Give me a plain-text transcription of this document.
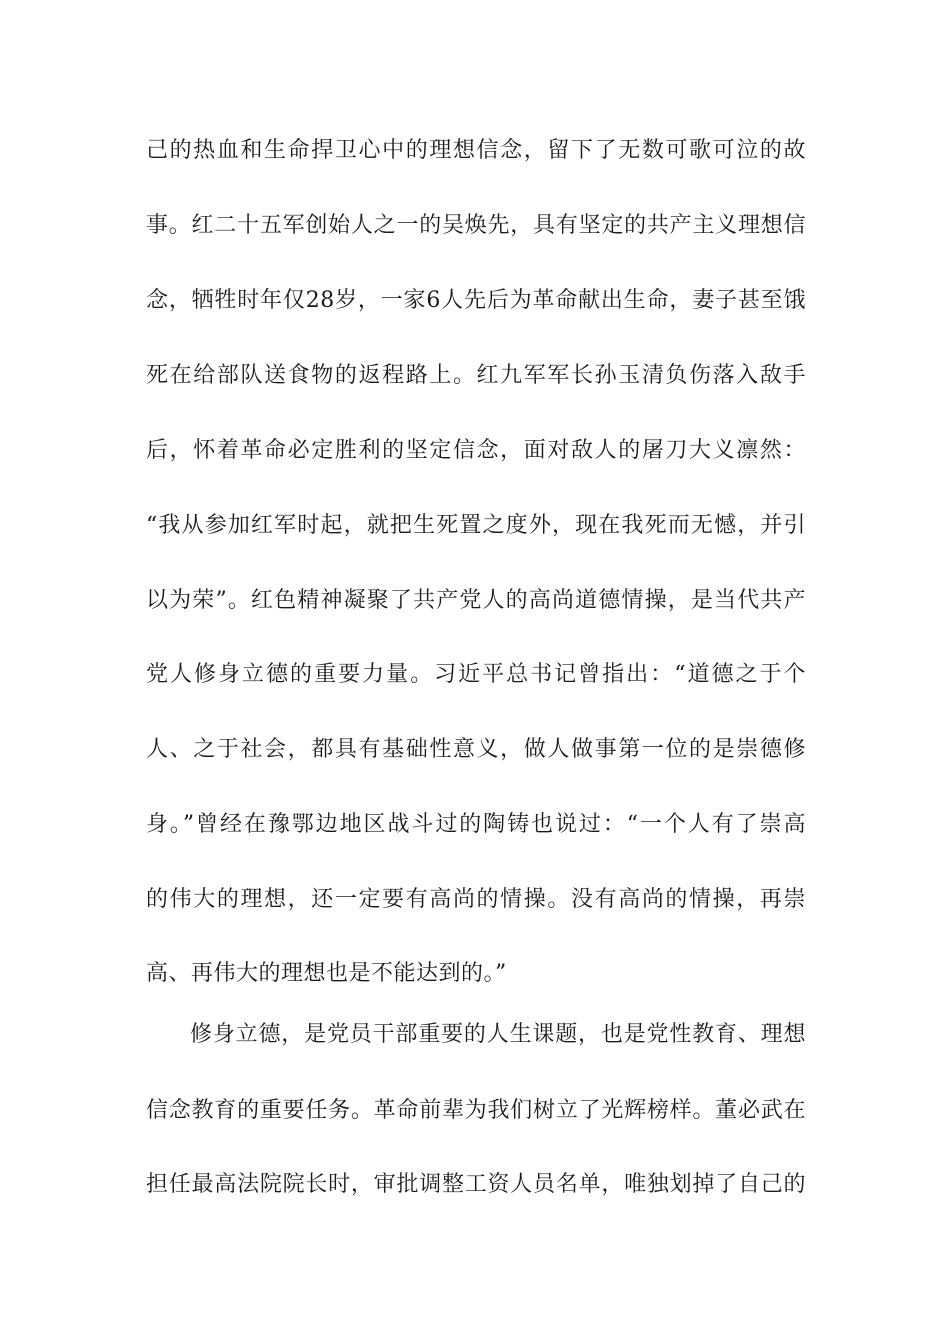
己的热血和生命捍卫心中的理想信念，留下了无数可歌可泣的故
事。红二十五军创始人之一的吴焕先，具有坚定的共产主义理想信
念，牺牲时年仅28岁，一家6人先后为革命献出生命，妻子甚至饿
死在给部队送食物的返程路上。红九军军长孙玉清负伤落入敌手
后，怀着革命必定胜利的坚定信念，面对敌人的屠刀大义凛然：
“我从参加红军时起，就把生死置之度外，现在我死而无憾，并引
以为荣”。红色精神凝聚了共产党人的高尚道德情操，是当代共产
党人修身立德的重要力量。习近平总书记曾指出：“道德之于个
人、之于社会，都具有基础性意义，做人做事第一位的是崇德修
身。”曾经在豫鄂边地区战斗过的陶铸也说过：“一个人有了崇高
的伟大的理想，还一定要有高尚的情操。没有高尚的情操，再崇
高、再伟大的理想也是不能达到的。”
修身立德，是党员干部重要的人生课题，也是党性教育、理想
信念教育的重要任务。革命前辈为我们树立了光辉榜样。董必武在
担任最高法院院长时，审批调整工资人员名单，唯独划掉了自己的
